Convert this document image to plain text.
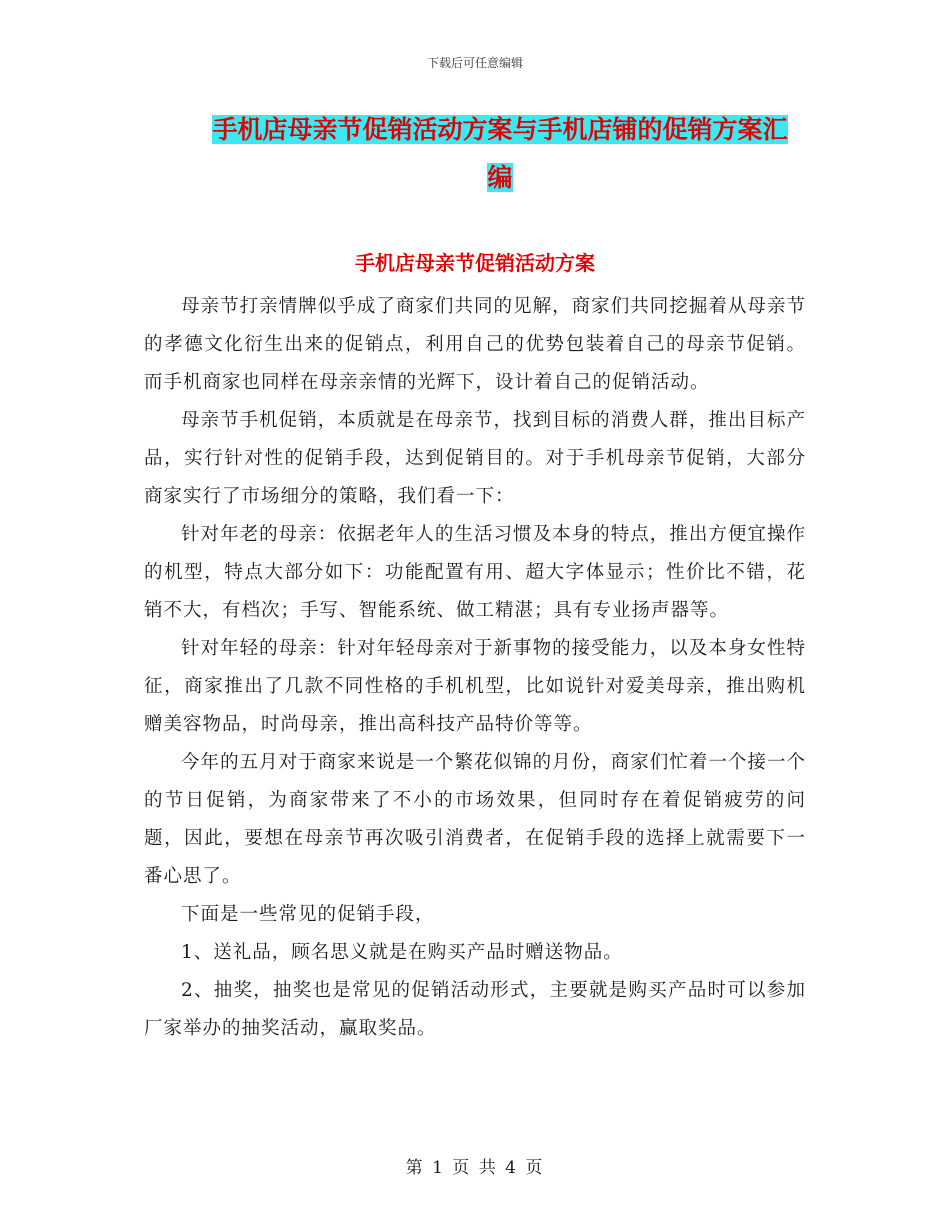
下载后可任意编辑
手机店母亲节促销活动方案与手机店铺的促销方案汇
编
手机店母亲节促销活动方案

母亲节打亲情牌似乎成了商家们共同的见解，商家们共同挖掘着从母亲节的孝德文化衍生出来的促销点，利用自己的优势包装着自己的母亲节促销。而手机商家也同样在母亲亲情的光辉下，设计着自己的促销活动。

母亲节手机促销，本质就是在母亲节，找到目标的消费人群，推出目标产品，实行针对性的促销手段，达到促销目的。对于手机母亲节促销，大部分商家实行了市场细分的策略，我们看一下：

针对年老的母亲：依据老年人的生活习惯及本身的特点，推出方便宜操作的机型，特点大部分如下：功能配置有用、超大字体显示；性价比不错，花销不大，有档次；手写、智能系统、做工精湛；具有专业扬声器等。

针对年轻的母亲：针对年轻母亲对于新事物的接受能力，以及本身女性特征，商家推出了几款不同性格的手机机型，比如说针对爱美母亲，推出购机赠美容物品，时尚母亲，推出高科技产品特价等等。

今年的五月对于商家来说是一个繁花似锦的月份，商家们忙着一个接一个的节日促销，为商家带来了不小的市场效果，但同时存在着促销疲劳的问题，因此，要想在母亲节再次吸引消费者，在促销手段的选择上就需要下一番心思了。

下面是一些常见的促销手段，

1、送礼品，顾名思义就是在购买产品时赠送物品。

2、抽奖，抽奖也是常见的促销活动形式，主要就是购买产品时可以参加厂家举办的抽奖活动，赢取奖品。

第 1 页 共 4 页
